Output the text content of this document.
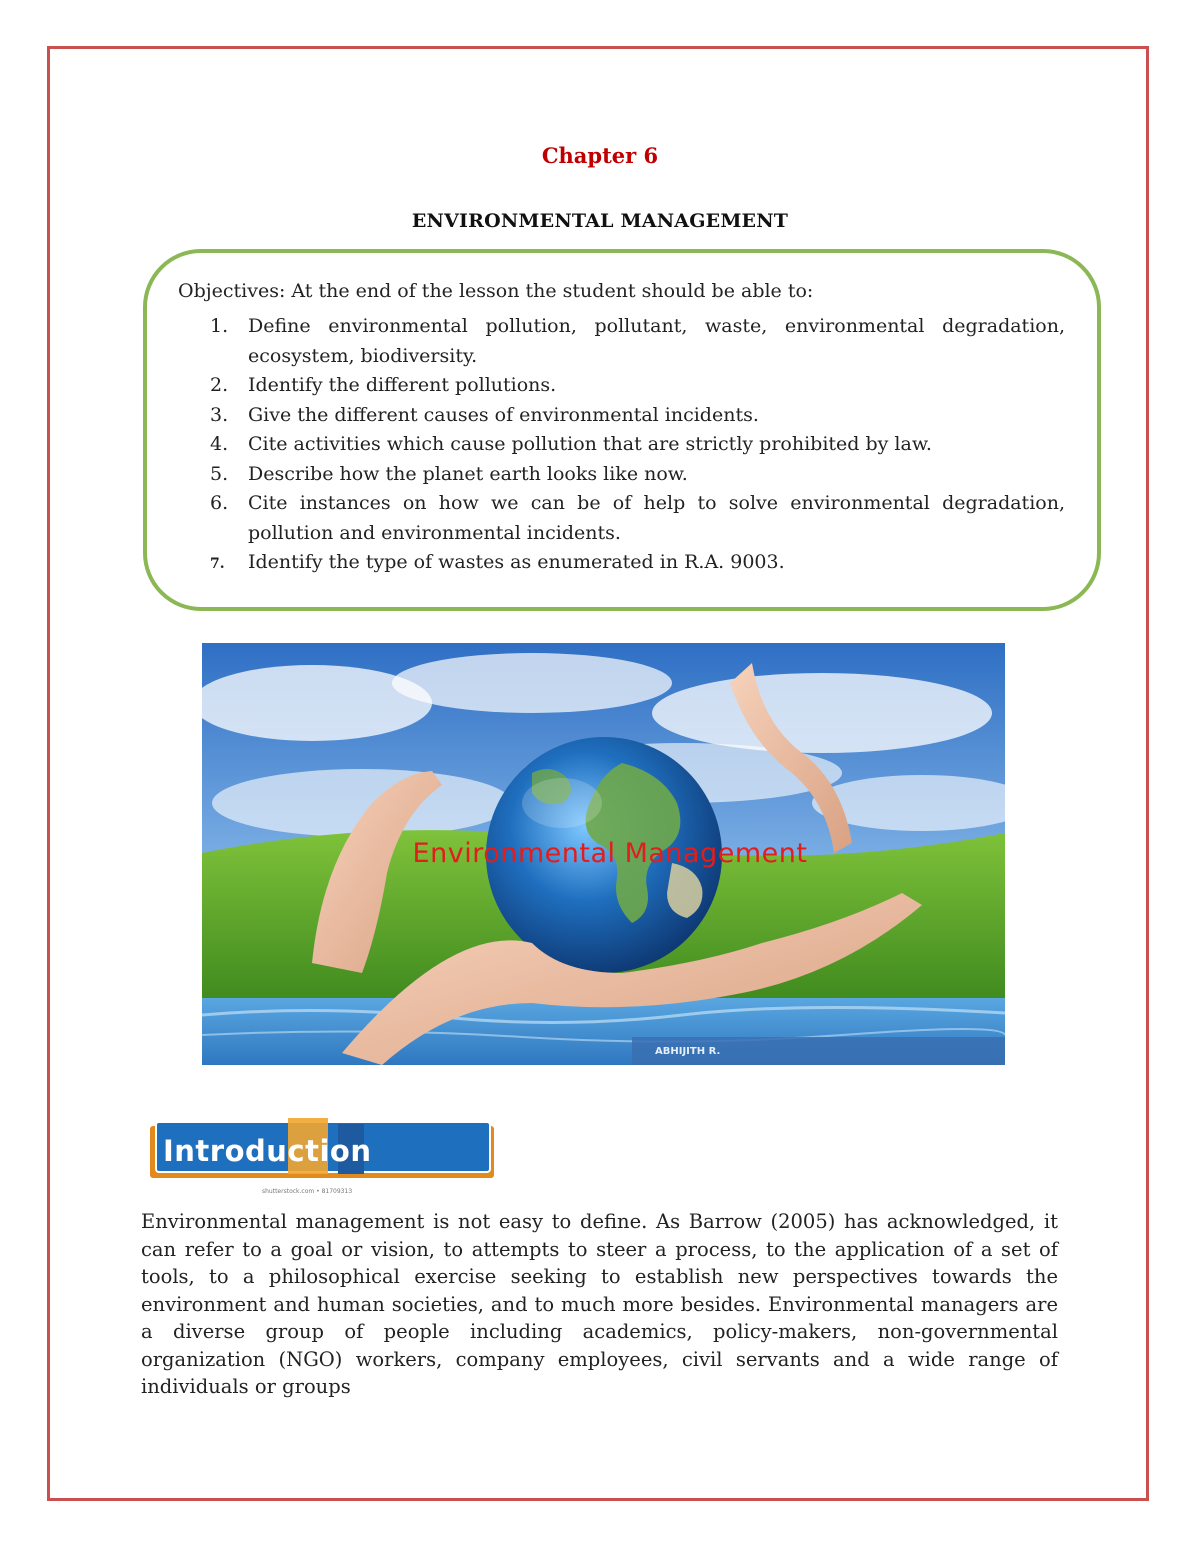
Chapter 6
ENVIRONMENTAL MANAGEMENT
Objectives: At the end of the lesson the student should be able to:
1.	Define environmental pollution, pollutant, waste, environmental degradation, ecosystem, biodiversity.
2.	Identify the different pollutions.
3.	Give the different causes of environmental incidents.
4.	Cite activities which cause pollution that are strictly prohibited by law.
5.	Describe how the planet earth looks like now.
6.	Cite instances on how we can be of help to solve environmental degradation, pollution and environmental incidents.
7.	Identify the type of wastes as enumerated in R.A. 9003.
Environmental Management
ABHIJITH R.
Introduction
shutterstock.com • 81709313

Environmental management is not easy to define. As Barrow (2005) has acknowledged, it can refer to a goal or vision, to attempts to steer a process, to the application of a set of tools, to a philosophical exercise seeking to establish new perspectives towards the environment and human societies, and to much more besides. Environmental managers are a diverse group of people including academics, policy-makers, non-governmental organization (NGO) workers, company employees, civil servants and a wide range of individuals or groups
